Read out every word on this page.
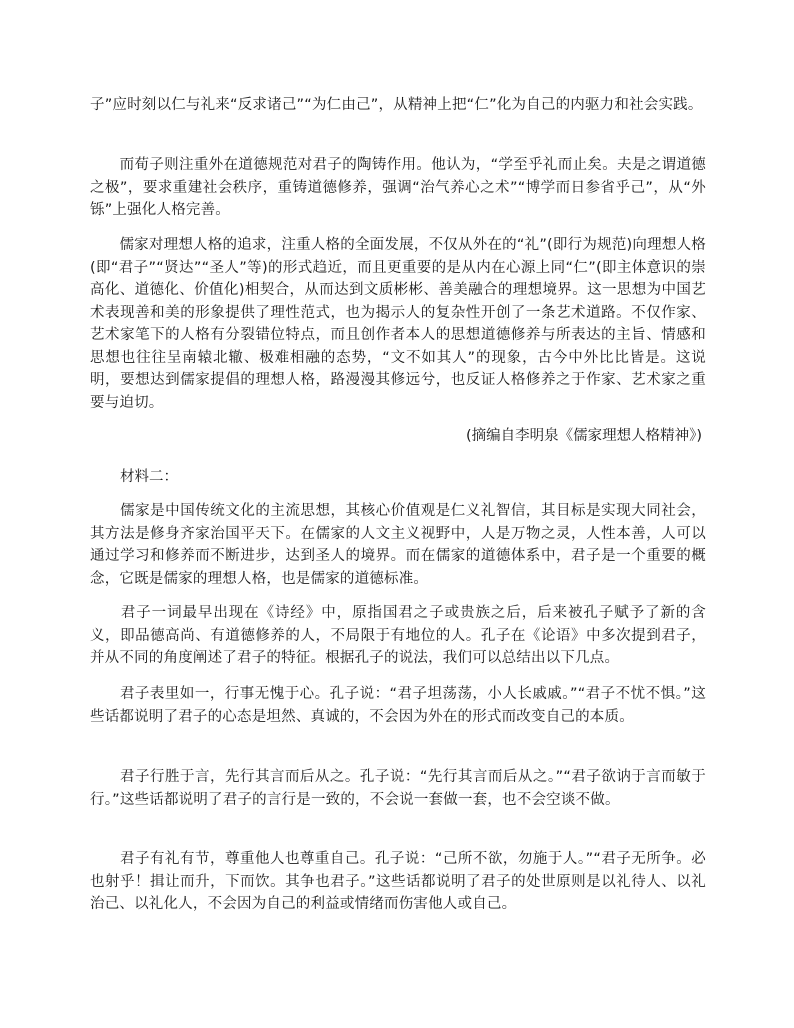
子”应时刻以仁与礼来“反求诸己”“为仁由己”，从精神上把“仁”化为自己的内驱力和社会实践。

　　而荀子则注重外在道德规范对君子的陶铸作用。他认为，“学至乎礼而止矣。夫是之谓道德之极”，要求重建社会秩序，重铸道德修养，强调“治气养心之术”“博学而日参省乎己”，从“外铄”上强化人格完善。

　　儒家对理想人格的追求，注重人格的全面发展，不仅从外在的“礼”(即行为规范)向理想人格(即“君子”“贤达”“圣人”等)的形式趋近，而且更重要的是从内在心源上同“仁”(即主体意识的崇高化、道德化、价值化)相契合，从而达到文质彬彬、善美融合的理想境界。这一思想为中国艺术表现善和美的形象提供了理性范式，也为揭示人的复杂性开创了一条艺术道路。不仅作家、艺术家笔下的人格有分裂错位特点，而且创作者本人的思想道德修养与所表达的主旨、情感和思想也往往呈南辕北辙、极难相融的态势，“文不如其人”的现象，古今中外比比皆是。这说明，要想达到儒家提倡的理想人格，路漫漫其修远兮，也反证人格修养之于作家、艺术家之重要与迫切。

(摘编自李明泉《儒家理想人格精神》)

材料二：

　　儒家是中国传统文化的主流思想，其核心价值观是仁义礼智信，其目标是实现大同社会，其方法是修身齐家治国平天下。在儒家的人文主义视野中，人是万物之灵，人性本善，人可以通过学习和修养而不断进步，达到圣人的境界。而在儒家的道德体系中，君子是一个重要的概念，它既是儒家的理想人格，也是儒家的道德标准。

　　君子一词最早出现在《诗经》中，原指国君之子或贵族之后，后来被孔子赋予了新的含义，即品德高尚、有道德修养的人，不局限于有地位的人。孔子在《论语》中多次提到君子，并从不同的角度阐述了君子的特征。根据孔子的说法，我们可以总结出以下几点。

　　君子表里如一，行事无愧于心。孔子说：“君子坦荡荡，小人长戚戚。”“君子不忧不惧。”这些话都说明了君子的心态是坦然、真诚的，不会因为外在的形式而改变自己的本质。

　　君子行胜于言，先行其言而后从之。孔子说：“先行其言而后从之。”“君子欲讷于言而敏于行。”这些话都说明了君子的言行是一致的，不会说一套做一套，也不会空谈不做。

　　君子有礼有节，尊重他人也尊重自己。孔子说：“己所不欲，勿施于人。”“君子无所争。必也射乎！揖让而升，下而饮。其争也君子。”这些话都说明了君子的处世原则是以礼待人、以礼治己、以礼化人，不会因为自己的利益或情绪而伤害他人或自己。
